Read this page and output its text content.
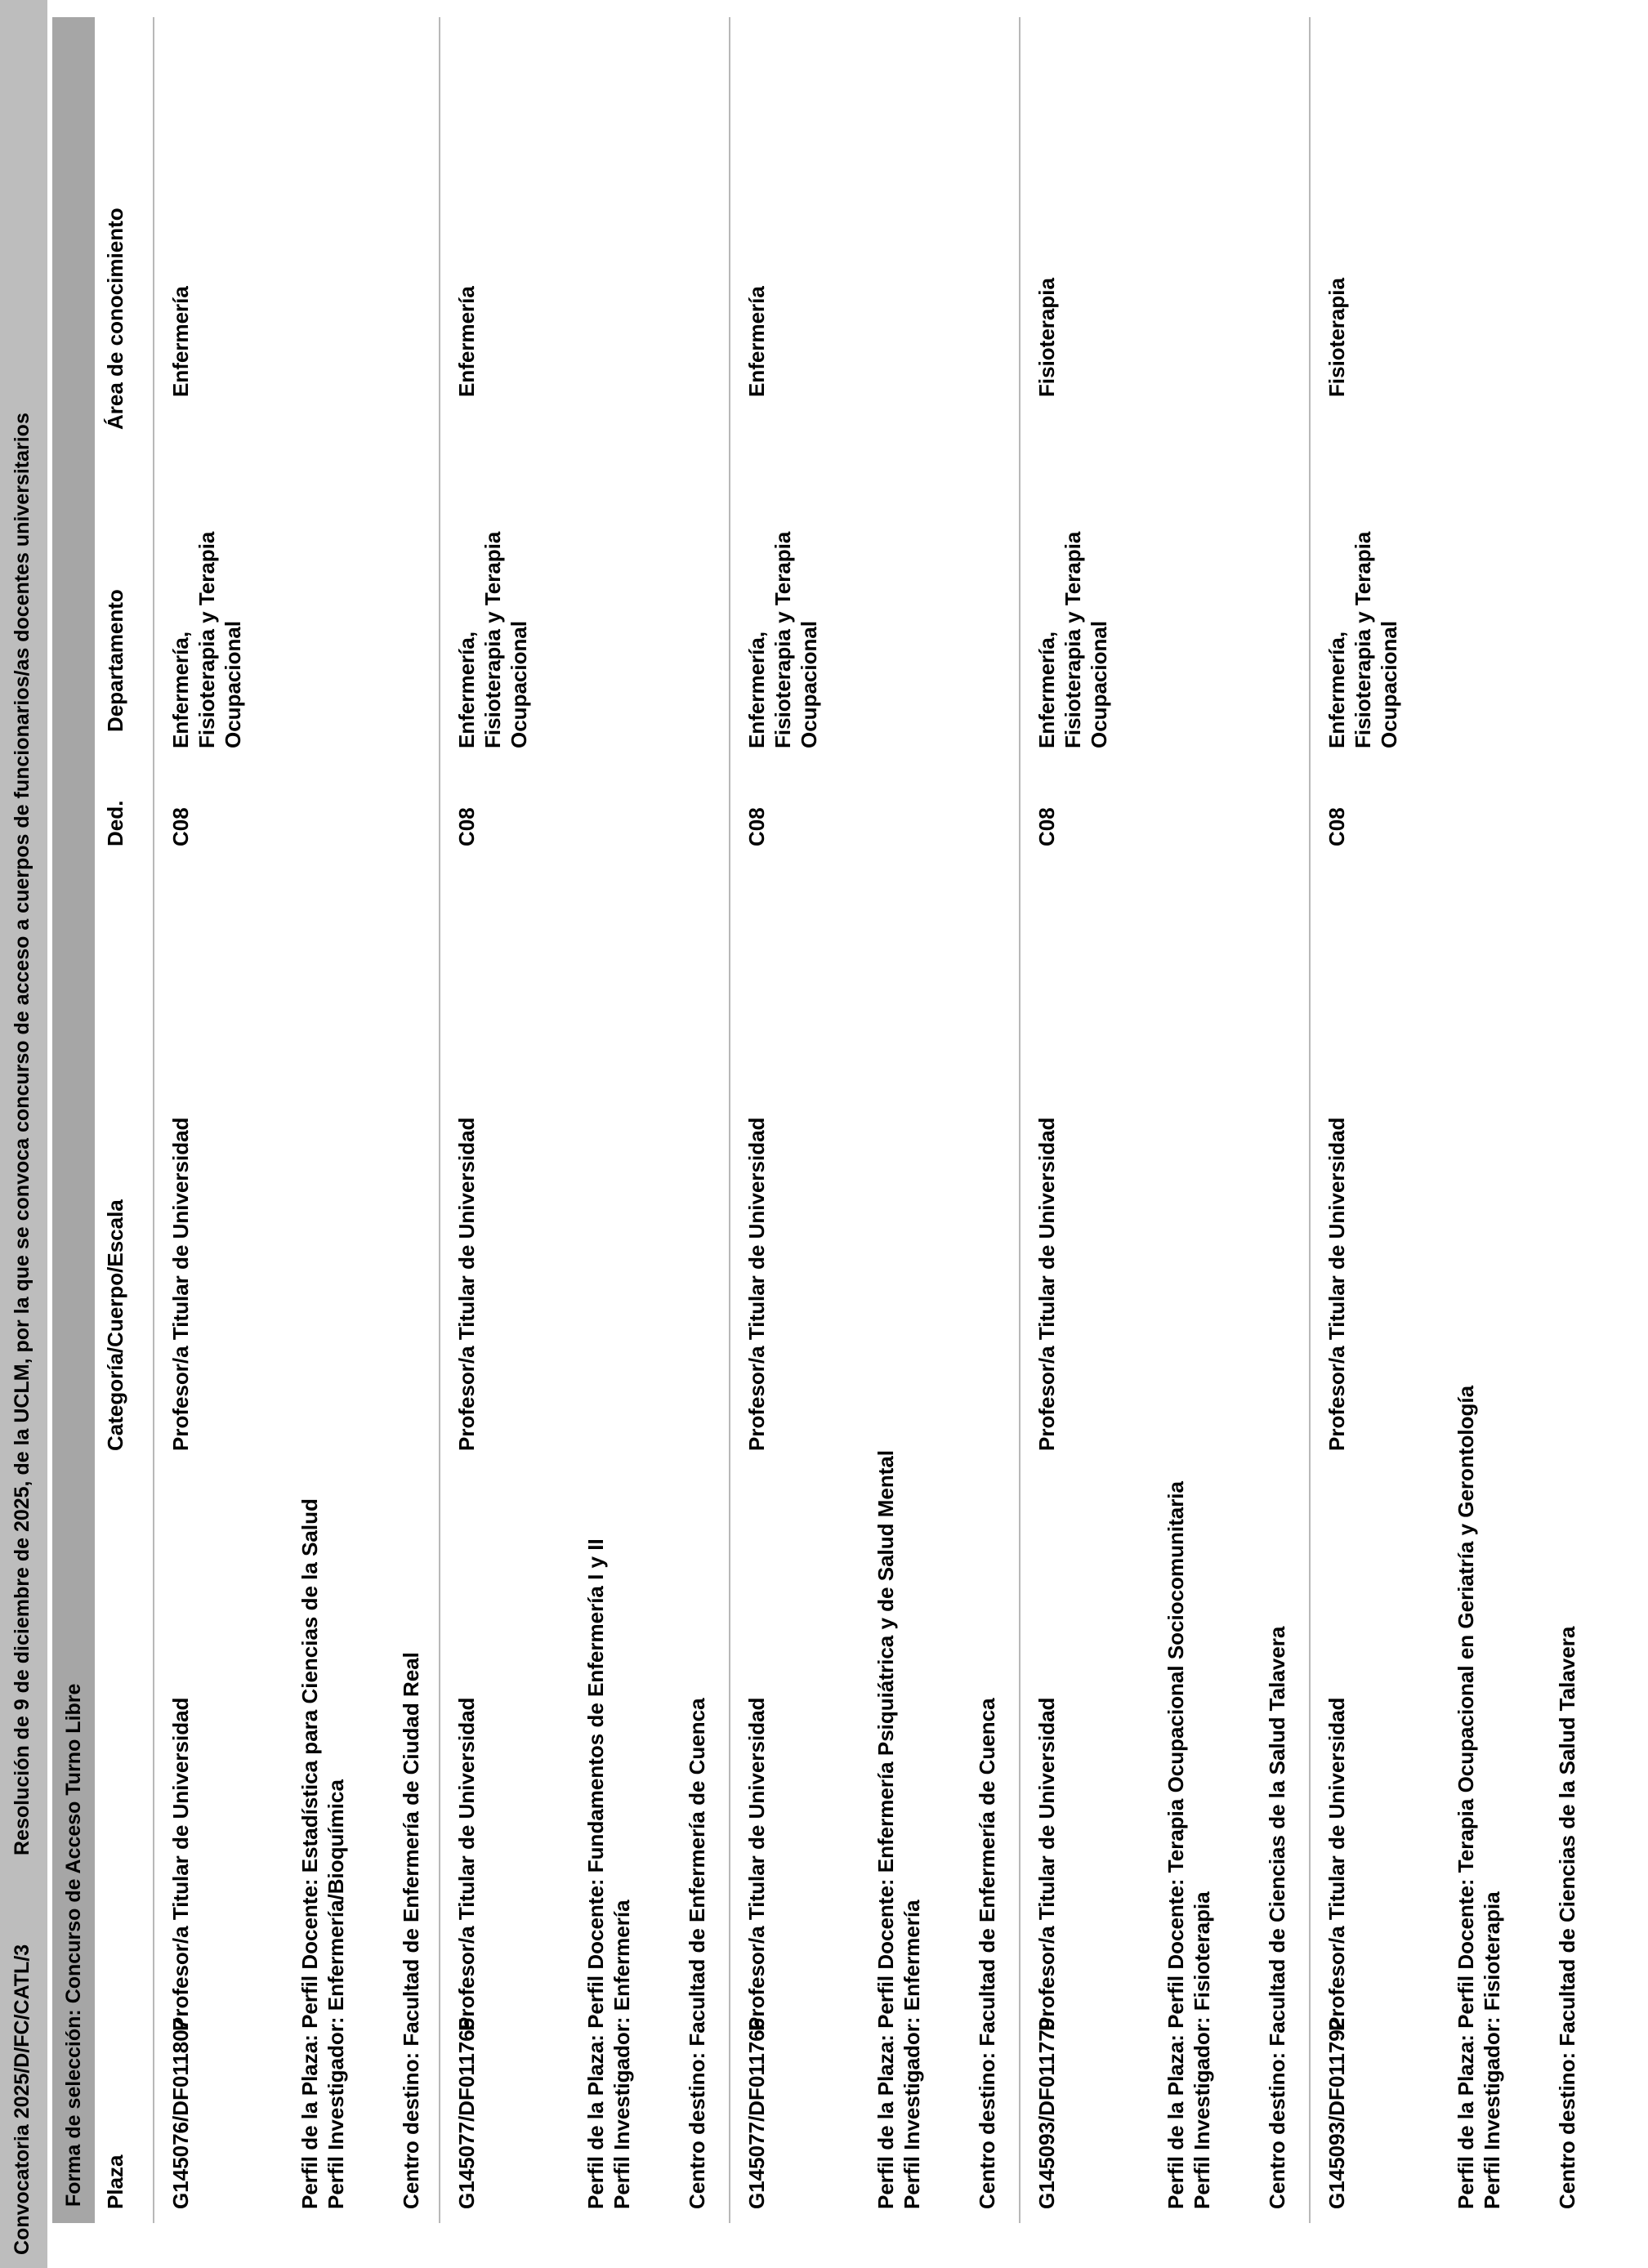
Convocatoria 2025/D/FC/CATL/3
Resolución de 9 de diciembre de 2025, de la UCLM, por la que se convoca concurso de acceso a cuerpos de funcionarios/as docentes universitarios
Forma de selección: Concurso de Acceso Turno Libre Plaza
Categoría/Cuerpo/Escala
Ded.
Departamento
Área de conocimiento
G145076/DF011807
Profesor/a Titular de Universidad
Profesor/a Titular de Universidad
C08
Enfermería
Perfil de la Plaza: Perfil Docente: Estadística para Ciencias de la Salud Perfil Investigador: Enfermería/Bioquímica Centro destino: Facultad de Enfermería de Ciudad Real
Enfermería, Fisioterapia y Terapia Ocupacional
G145077/DF011765
Profesor/a Titular de Universidad
Profesor/a Titular de Universidad
C08
Enfermería
Perfil de la Plaza: Perfil Docente: Fundamentos de Enfermería I y II Perfil Investigador: Enfermería Centro destino: Facultad de Enfermería de Cuenca
Enfermería, Fisioterapia y Terapia Ocupacional
G145077/DF011766
Profesor/a Titular de Universidad
Profesor/a Titular de Universidad
C08
Enfermería
Perfil de la Plaza: Perfil Docente: Enfermería Psiquiátrica y de Salud Mental Perfil Investigador: Enfermería Centro destino: Facultad de Enfermería de Cuenca
Enfermería, Fisioterapia y Terapia Ocupacional
G145093/DF011779
Profesor/a Titular de Universidad
Profesor/a Titular de Universidad
C08
Fisioterapia
Perfil de la Plaza: Perfil Docente: Terapia Ocupacional Sociocomunitaria Perfil Investigador: Fisioterapia Centro destino: Facultad de Ciencias de la Salud Talavera
Enfermería, Fisioterapia y Terapia Ocupacional
G145093/DF011792
Profesor/a Titular de Universidad
Profesor/a Titular de Universidad
C08
Fisioterapia
Perfil de la Plaza: Perfil Docente: Terapia Ocupacional en Geriatría y Gerontología Perfil Investigador: Fisioterapia Centro destino: Facultad de Ciencias de la Salud Talavera
Enfermería, Fisioterapia y Terapia Ocupacional
